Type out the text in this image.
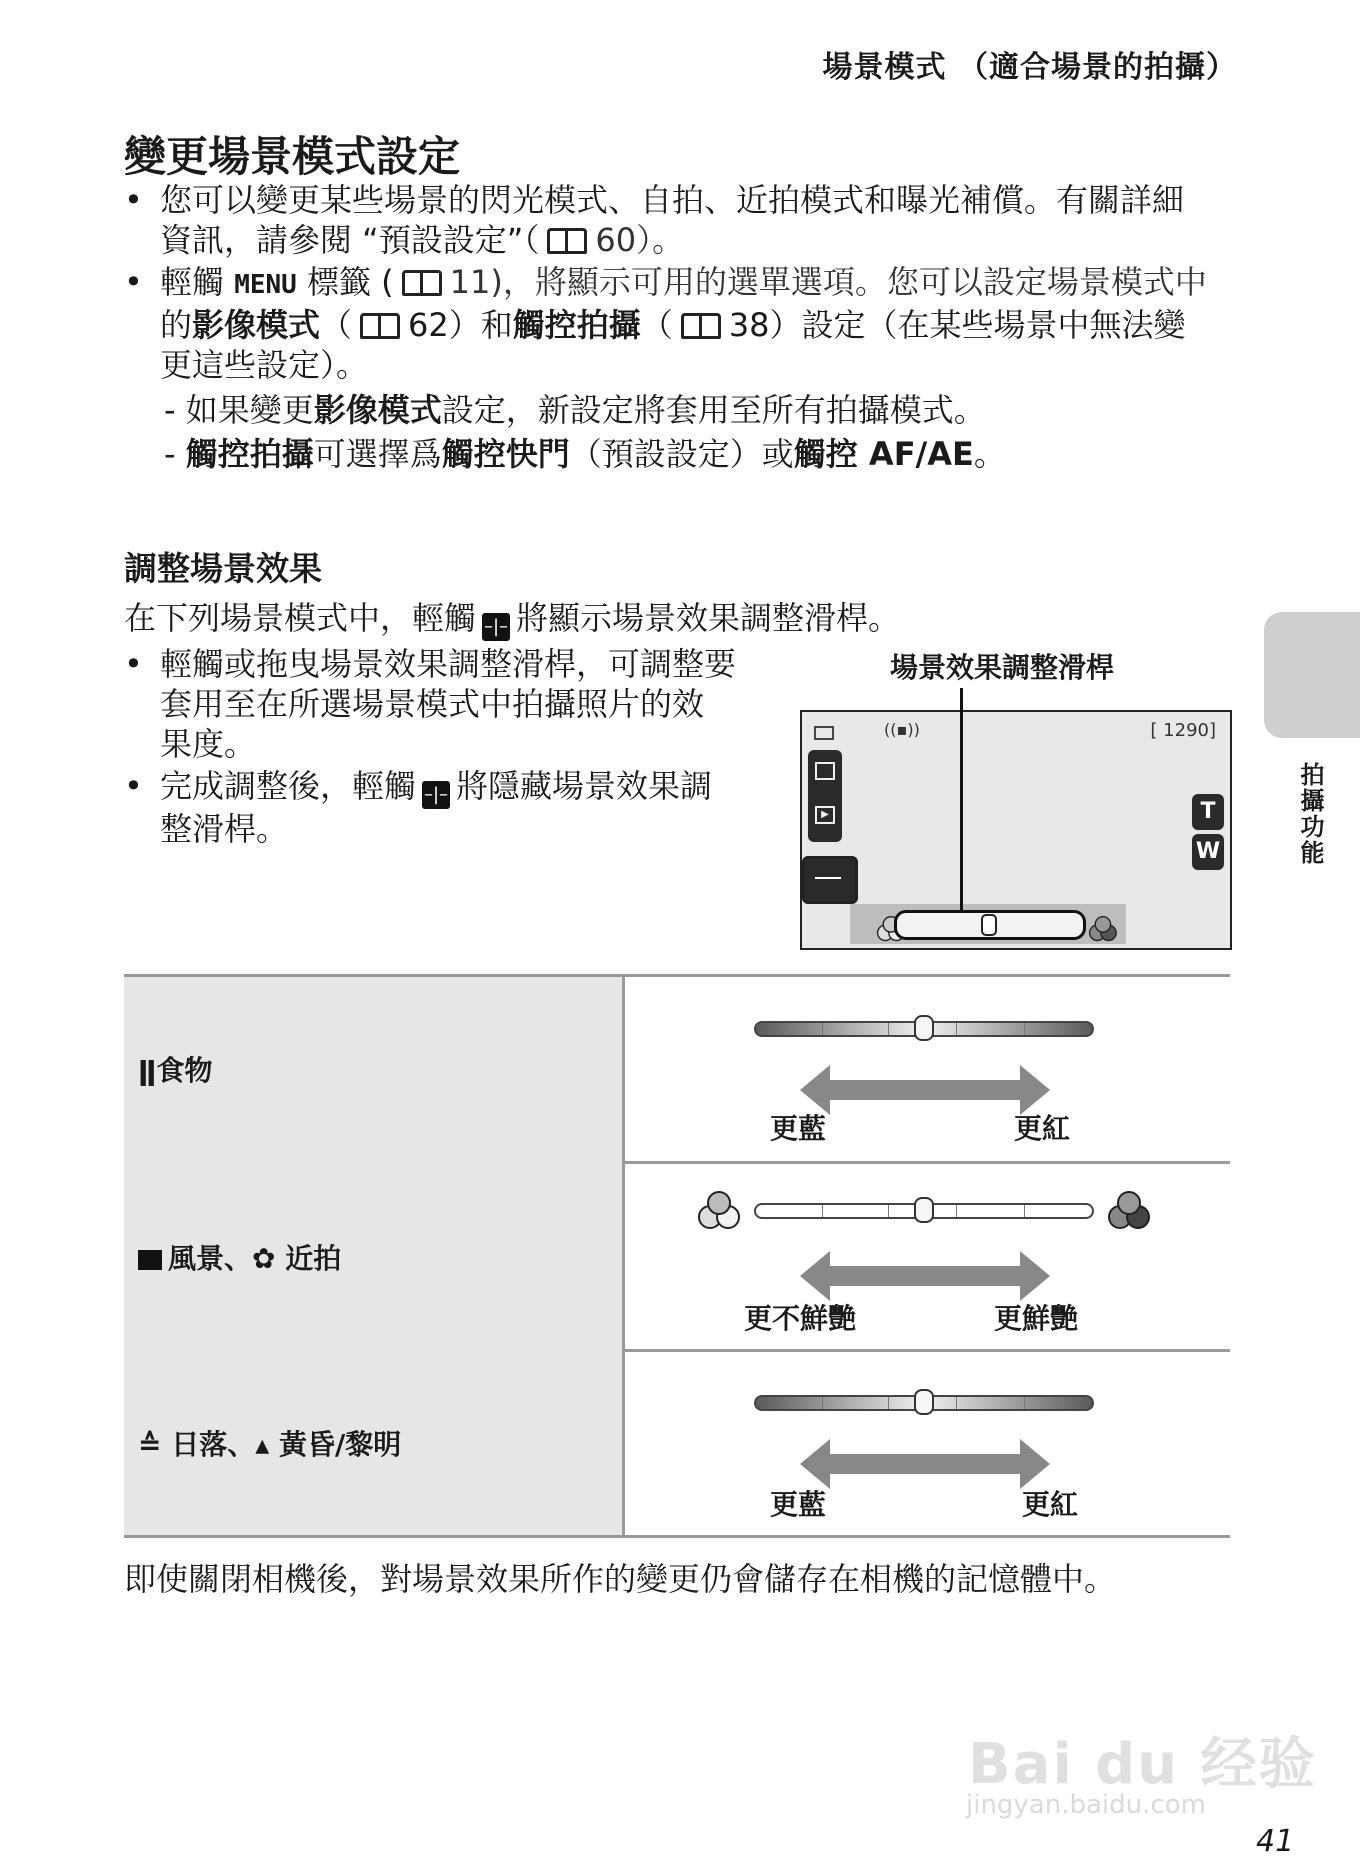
場景模式 （適合場景的拍攝）
拍攝功能
變更場景模式設定
• 您可以變更某些場景的閃光模式、自拍、近拍模式和曝光補償。有關詳細
資訊，請參閱 “預設設定”（ 60）。
• 輕觸 MENU 標籤 ( 11)，將顯示可用的選單選項。您可以設定場景模式中
的影像模式（ 62）和觸控拍攝（ 38）設定（在某些場景中無法變
更這些設定）。
- 如果變更影像模式設定，新設定將套用至所有拍攝模式。
- 觸控拍攝可選擇爲觸控快門（預設設定）或觸控 AF/AE。
調整場景效果
在下列場景模式中，輕觸 –|– 將顯示場景效果調整滑桿。
• 輕觸或拖曳場景效果調整滑桿，可調整要
套用至在所選場景模式中拍攝照片的效
果度。
• 完成調整後，輕觸 –|– 將隱藏場景效果調
整滑桿。
場景效果調整滑桿
((▪))	[ 1290]
▶	T
W
ǁ食物
更藍	更紅
風景、✿ 近拍
更不鮮艷	更鮮艷
≙ 日落、▴ 黃昏/黎明
更藍	更紅
即使關閉相機後，對場景效果所作的變更仍會儲存在相機的記憶體中。
Bai du 经验
jingyan.baidu.com
41
